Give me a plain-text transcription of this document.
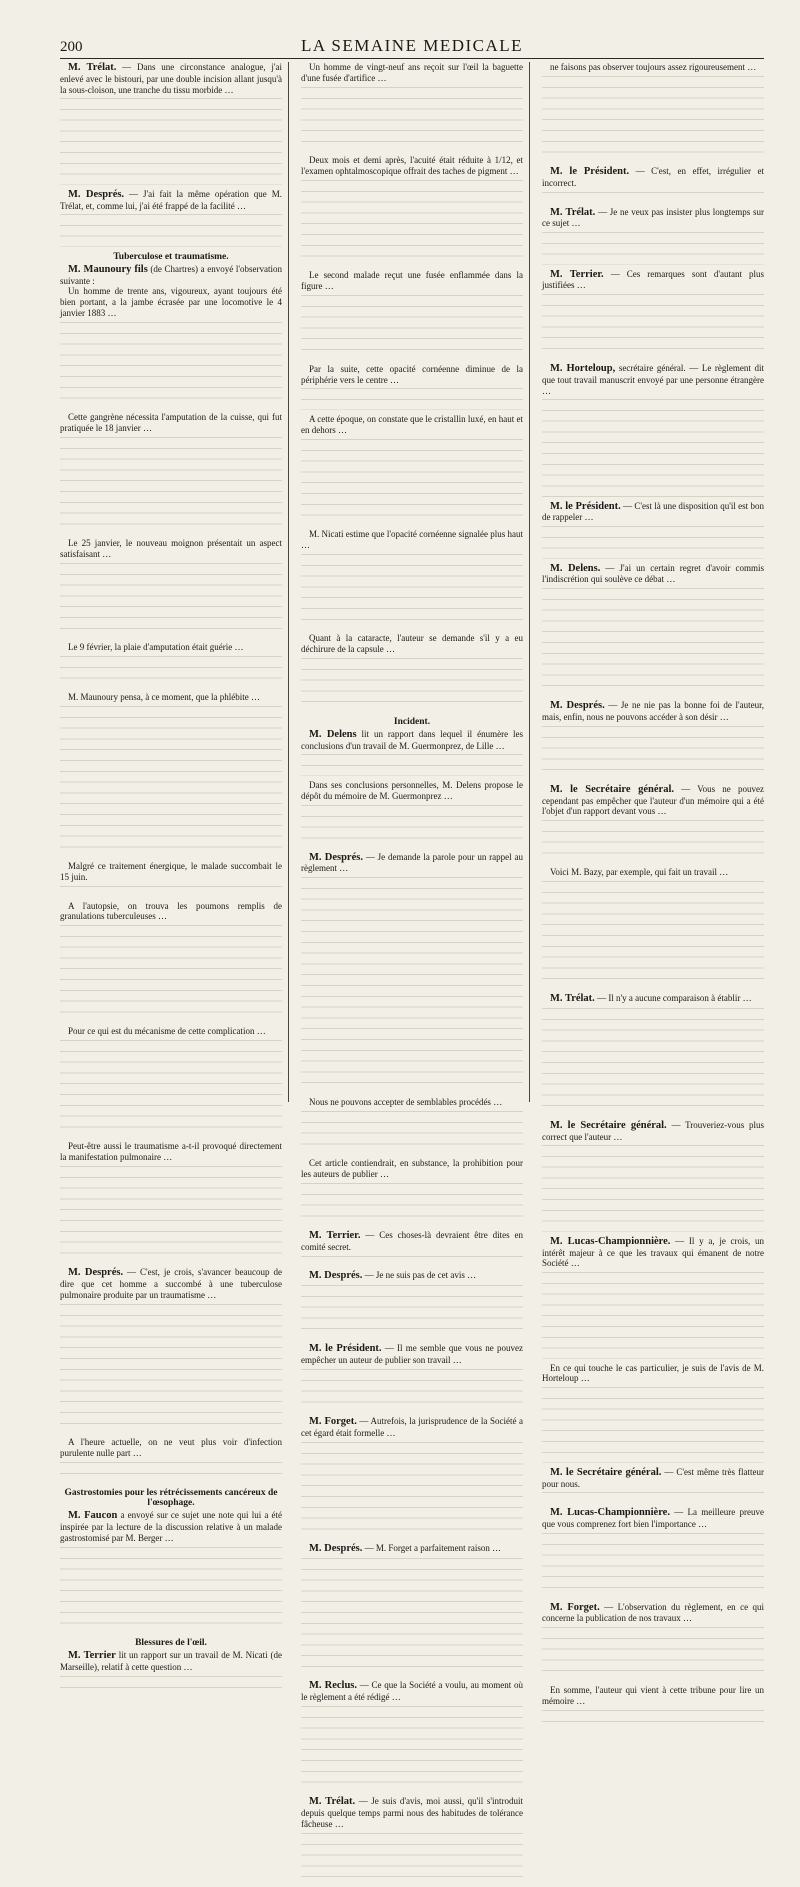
200	LA SEMAINE MEDICALE

M. Trélat. — Dans une circonstance analogue, j'ai enlevé avec le bistouri, par une double incision allant jusqu'à la sous-cloison, une tranche du tissu morbide …

M. Després. — J'ai fait la même opération que M. Trélat, et, comme lui, j'ai été frappé de la facilité …

Tuberculose et traumatisme.

M. Maunoury fils (de Chartres) a envoyé l'observation suivante :

Un homme de trente ans, vigoureux, ayant toujours été bien portant, a la jambe écrasée par une locomotive le 4 janvier 1883 …

Cette gangrène nécessita l'amputation de la cuisse, qui fut pratiquée le 18 janvier …

Le 25 janvier, le nouveau moignon présentait un aspect satisfaisant …

Le 9 février, la plaie d'amputation était guérie …

M. Maunoury pensa, à ce moment, que la phlébite …

Malgré ce traitement énergique, le malade succombait le 15 juin.

A l'autopsie, on trouva les poumons remplis de granulations tuberculeuses …

Pour ce qui est du mécanisme de cette complication …

Peut-être aussi le traumatisme a-t-il provoqué directement la manifestation pulmonaire …

M. Després. — C'est, je crois, s'avancer beaucoup de dire que cet homme a succombé à une tuberculose pulmonaire produite par un traumatisme …

A l'heure actuelle, on ne veut plus voir d'infection purulente nulle part …

Gastrostomies pour les rétrécissements cancéreux de l'œsophage.

M. Faucon a envoyé sur ce sujet une note qui lui a été inspirée par la lecture de la discussion relative à un malade gastrostomisé par M. Berger …

Blessures de l'œil.

M. Terrier lit un rapport sur un travail de M. Nicati (de Marseille), relatif à cette question …

Un homme de vingt-neuf ans reçoit sur l'œil la baguette d'une fusée d'artifice …

Deux mois et demi après, l'acuité était réduite à 1/12, et l'examen ophtalmoscopique offrait des taches de pigment …

Le second malade reçut une fusée enflammée dans la figure …

Par la suite, cette opacité cornéenne diminue de la périphérie vers le centre …

A cette époque, on constate que le cristallin luxé, en haut et en dehors …

M. Nicati estime que l'opacité cornéenne signalée plus haut …

Quant à la cataracte, l'auteur se demande s'il y a eu déchirure de la capsule …

Incident.

M. Delens lit un rapport dans lequel il énumère les conclusions d'un travail de M. Guermonprez, de Lille …

Dans ses conclusions personnelles, M. Delens propose le dépôt du mémoire de M. Guermonprez …

M. Després. — Je demande la parole pour un rappel au règlement …

Nous ne pouvons accepter de semblables procédés …

Cet article contiendrait, en substance, la prohibition pour les auteurs de publier …

M. Terrier. — Ces choses-là devraient être dites en comité secret.

M. Després. — Je ne suis pas de cet avis …

M. le Président. — Il me semble que vous ne pouvez empêcher un auteur de publier son travail …

M. Forget. — Autrefois, la jurisprudence de la Société a cet égard était formelle …

M. Després. — M. Forget a parfaitement raison …

M. Reclus. — Ce que la Société a voulu, au moment où le règlement a été rédigé …

M. Trélat. — Je suis d'avis, moi aussi, qu'il s'introduit depuis quelque temps parmi nous des habitudes de tolérance fâcheuse …

ne faisons pas observer toujours assez rigoureusement …

M. le Président. — C'est, en effet, irrégulier et incorrect.

M. Trélat. — Je ne veux pas insister plus longtemps sur ce sujet …

M. Terrier. — Ces remarques sont d'autant plus justifiées …

M. Horteloup, secrétaire général. — Le règlement dit que tout travail manuscrit envoyé par une personne étrangère …

M. le Président. — C'est là une disposition qu'il est bon de rappeler …

M. Delens. — J'ai un certain regret d'avoir commis l'indiscrétion qui soulève ce débat …

M. Després. — Je ne nie pas la bonne foi de l'auteur, mais, enfin, nous ne pouvons accéder à son désir …

M. le Secrétaire général. — Vous ne pouvez cependant pas empêcher que l'auteur d'un mémoire qui a été l'objet d'un rapport devant vous …

Voici M. Bazy, par exemple, qui fait un travail …

M. Trélat. — Il n'y a aucune comparaison à établir …

M. le Secrétaire général. — Trouveriez-vous plus correct que l'auteur …

M. Lucas-Championnière. — Il y a, je crois, un intérêt majeur à ce que les travaux qui émanent de notre Société …

En ce qui touche le cas particulier, je suis de l'avis de M. Horteloup …

M. le Secrétaire général. — C'est même très flatteur pour nous.

M. Lucas-Championnière. — La meilleure preuve que vous comprenez fort bien l'importance …

M. Forget. — L'observation du règlement, en ce qui concerne la publication de nos travaux …

En somme, l'auteur qui vient à cette tribune pour lire un mémoire …
